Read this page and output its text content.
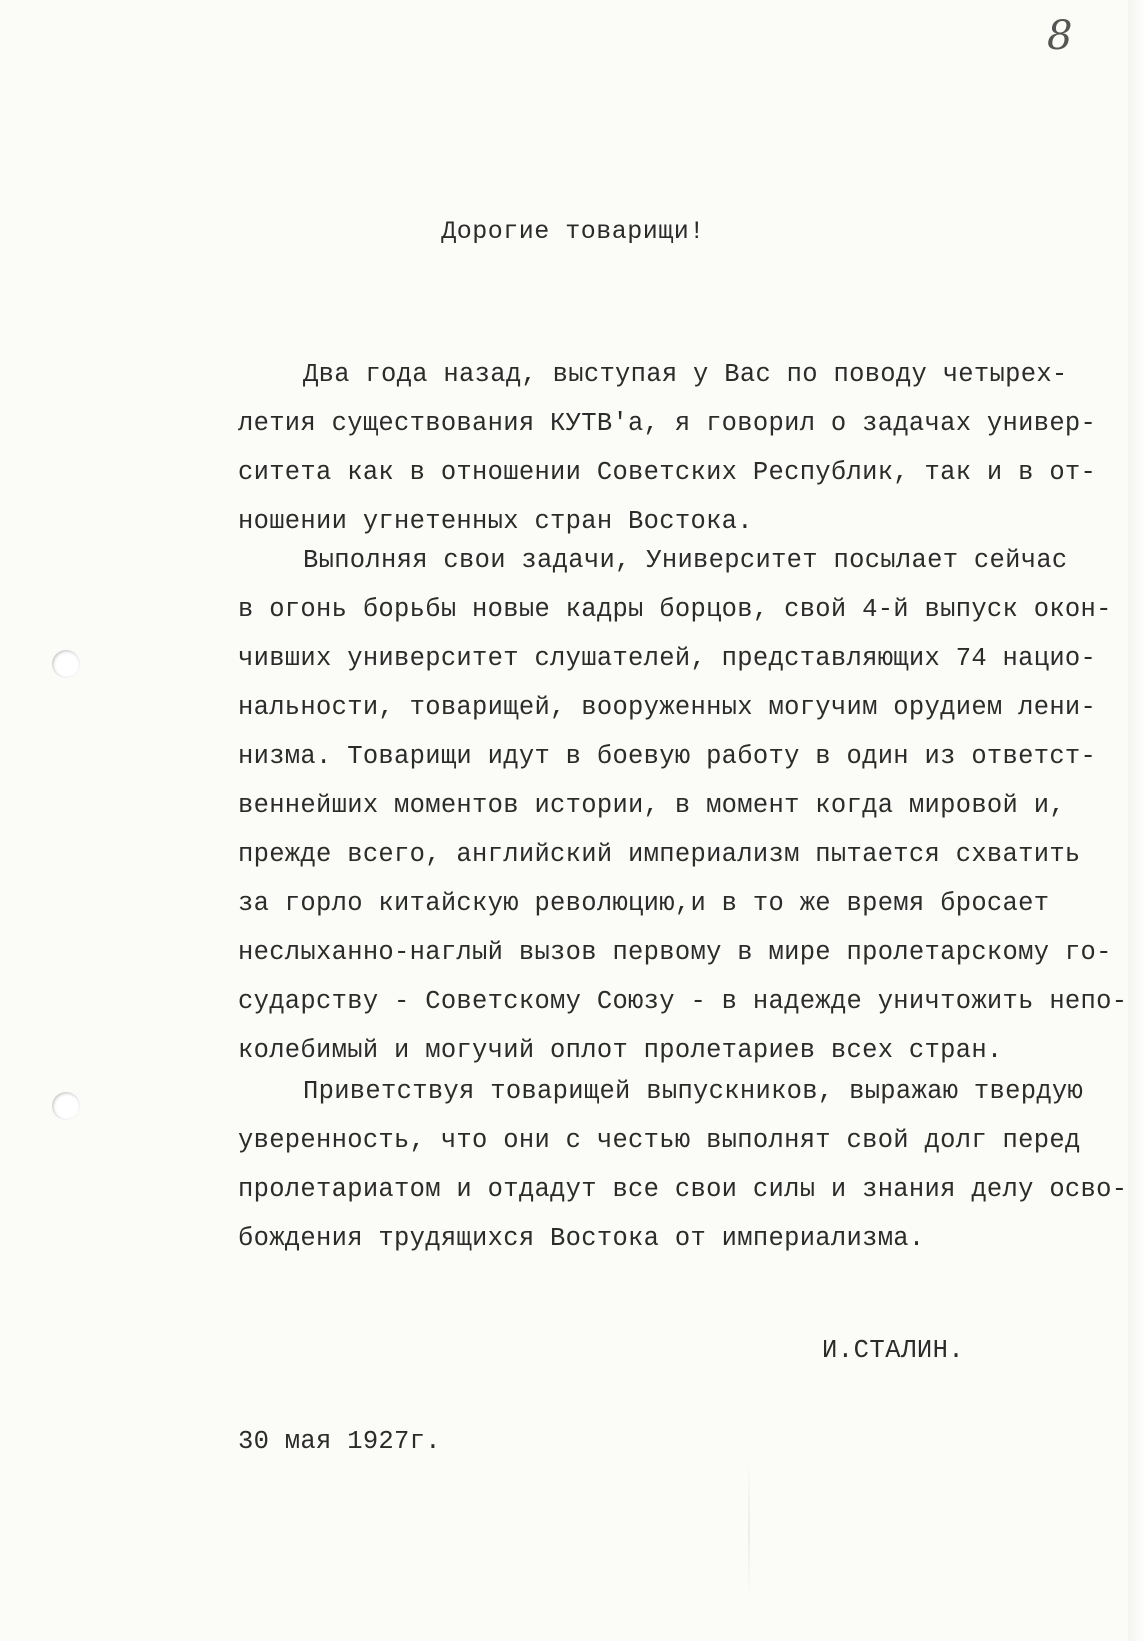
8
Дорогие товарищи!
Два года назад, выступая у Вас по поводу четырех-
летия существования КУТВ'а, я говорил о задачах универ-
ситета как в отношении Советских Республик, так и в от-
ношении угнетенных стран Востока.
Выполняя свои задачи, Университет посылает сейчас
в огонь борьбы новые кадры борцов, свой 4-й выпуск окон-
чивших университет слушателей, представляющих 74 нацио-
нальности, товарищей, вооруженных могучим орудием лени-
низма. Товарищи идут в боевую работу в один из ответст-
веннейших моментов истории, в момент когда мировой и,
прежде всего, английский империализм пытается схватить
за горло китайскую революцию,и в то же время бросает
неслыханно-наглый вызов первому в мире пролетарскому го-
сударству - Советскому Союзу - в надежде уничтожить непо-
колебимый и могучий оплот пролетариев всех стран.
Приветствуя товарищей выпускников, выражаю твердую
уверенность, что они с честью выполнят свой долг перед
пролетариатом и отдадут все свои силы и знания делу осво-
бождения трудящихся Востока от империализма.
И.СТАЛИН.
30 мая 1927г.
